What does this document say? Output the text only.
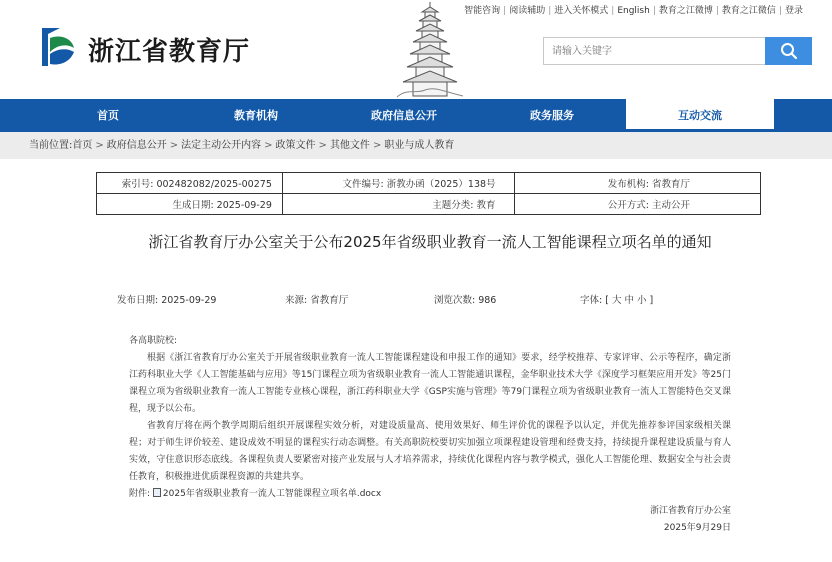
智能咨询 | 阅读辅助 | 进入关怀模式 | English | 教育之江微博 | 教育之江微信 | 登录
浙江省教育厅
请输入关键字
首页	教育机构	政府信息公开	政务服务	互动交流
当前位置:首页 > 政府信息公开 > 法定主动公开内容 > 政策文件 > 其他文件 > 职业与成人教育
索引号: 002482082/2025-00275	文件编号: 浙教办函（2025）138号	发布机构: 省教育厅
生成日期: 2025-09-29	主题分类: 教育	公开方式: 主动公开
浙江省教育厅办公室关于公布2025年省级职业教育一流人工智能课程立项名单的通知
发布日期: 2025-09-29	来源: 省教育厅	浏览次数: 986	字体: [ 大 中 小 ]

各高职院校:

根据《浙江省教育厅办公室关于开展省级职业教育一流人工智能课程建设和申报工作的通知》要求，经学校推荐、专家评审、公示等程序，确定浙江药科职业大学《人工智能基础与应用》等15门课程立项为省级职业教育一流人工智能通识课程，金华职业技术大学《深度学习框架应用开发》等25门课程立项为省级职业教育一流人工智能专业核心课程，浙江药科职业大学《GSP实施与管理》等79门课程立项为省级职业教育一流人工智能特色交叉课程，现予以公布。

省教育厅将在两个教学周期后组织开展课程实效分析，对建设质量高、使用效果好、师生评价优的课程予以认定，并优先推荐参评国家级相关课程；对于师生评价较差、建设成效不明显的课程实行动态调整。有关高职院校要切实加强立项课程建设管理和经费支持，持续提升课程建设质量与育人实效，守住意识形态底线。各课程负责人要紧密对接产业发展与人才培养需求，持续优化课程内容与教学模式，强化人工智能伦理、数据安全与社会责任教育，积极推进优质课程资源的共建共享。

附件: 2025年省级职业教育一流人工智能课程立项名单.docx

浙江省教育厅办公室

2025年9月29日
